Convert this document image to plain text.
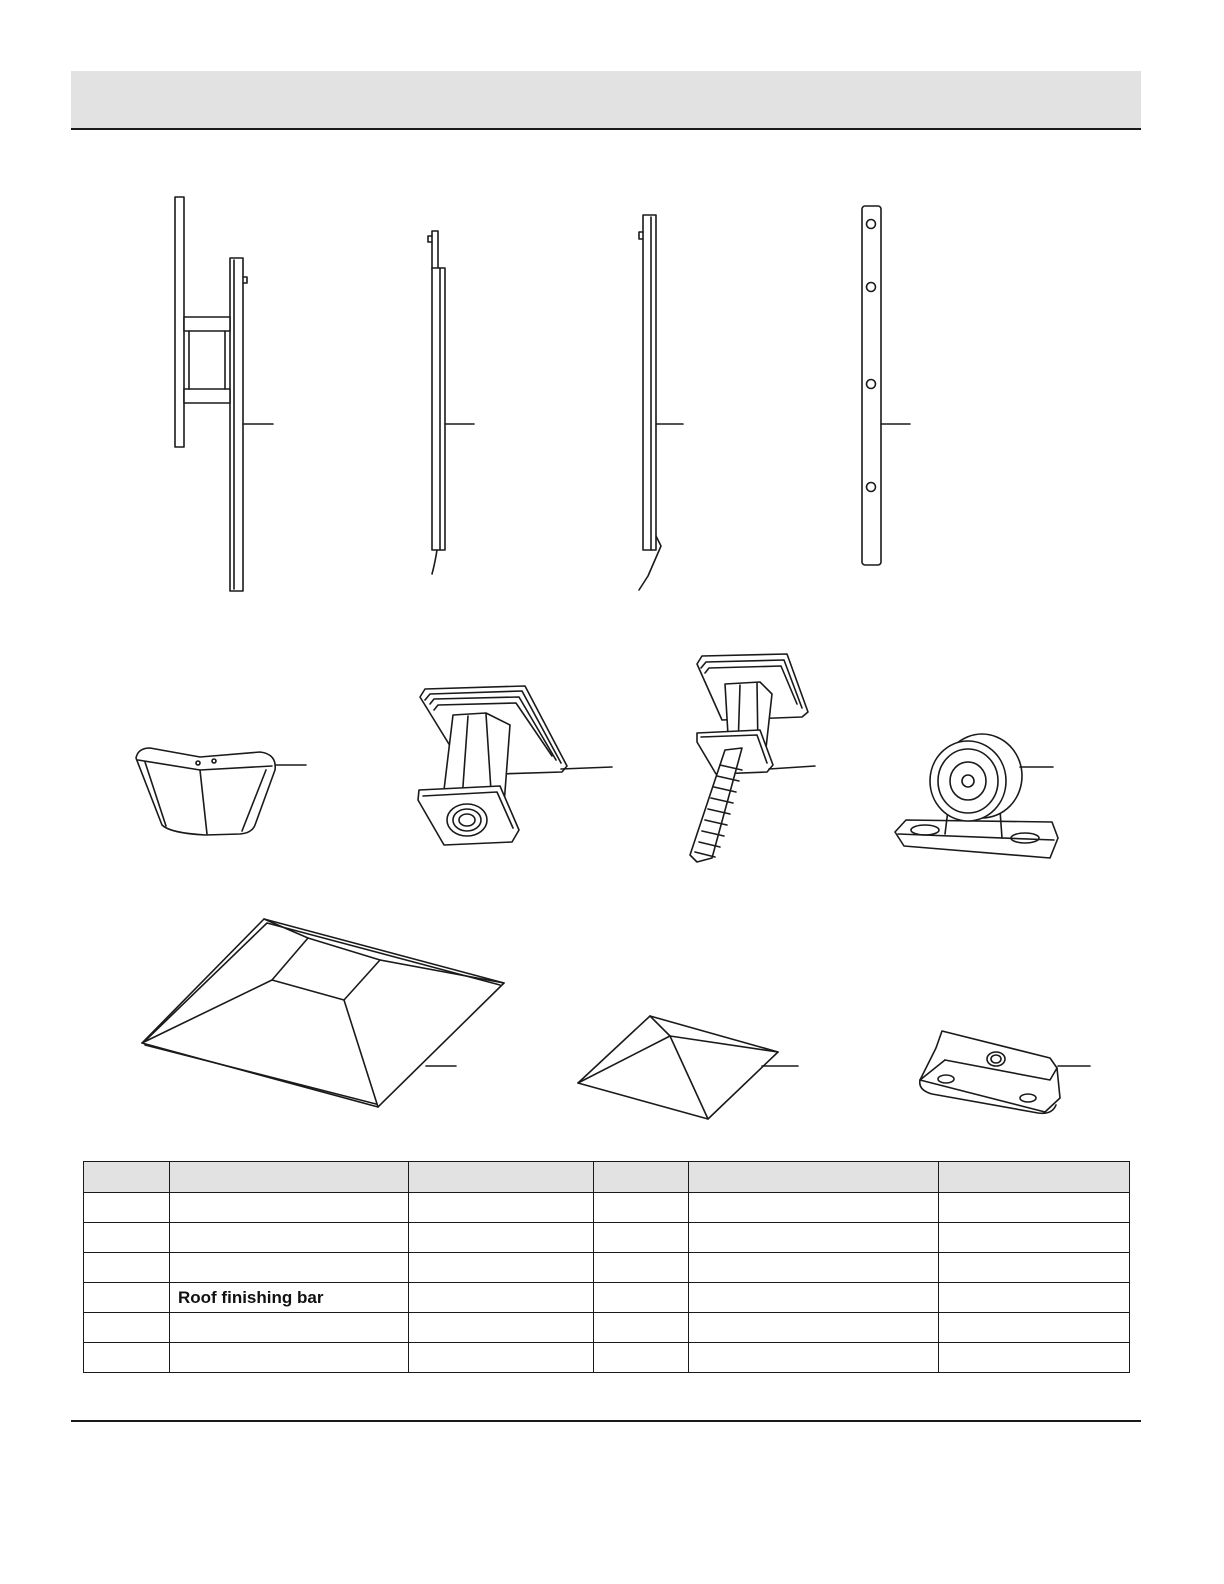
	Roof finishing bar				
